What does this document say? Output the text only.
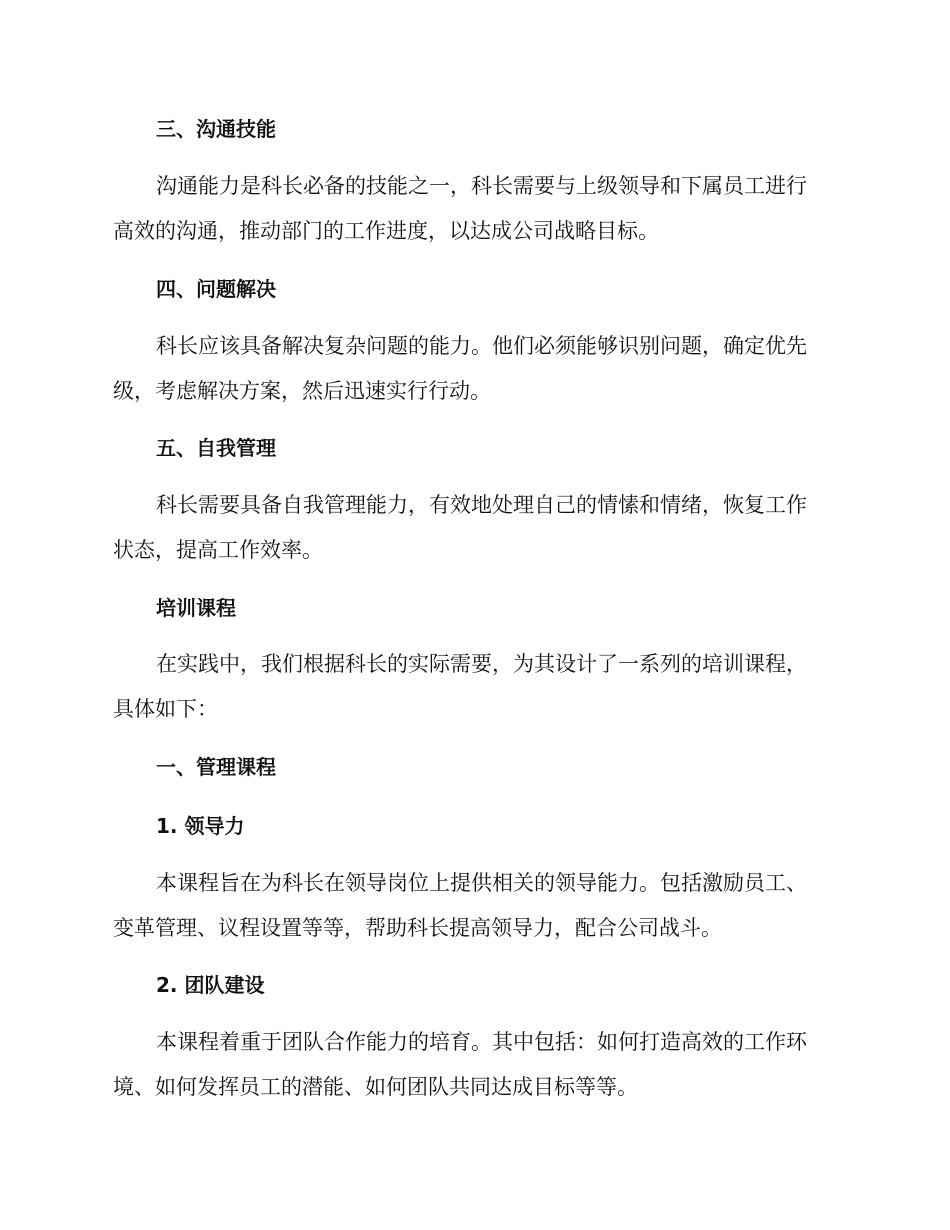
三、沟通技能
沟通能力是科长必备的技能之一，科长需要与上级领导和下属员工进行
高效的沟通，推动部门的工作进度，以达成公司战略目标。
四、问题解决
科长应该具备解决复杂问题的能力。他们必须能够识别问题，确定优先
级，考虑解决方案，然后迅速实行行动。
五、自我管理
科长需要具备自我管理能力，有效地处理自己的情愫和情绪，恢复工作
状态，提高工作效率。
培训课程
在实践中，我们根据科长的实际需要，为其设计了一系列的培训课程，
具体如下：
一、管理课程
1. 领导力
本课程旨在为科长在领导岗位上提供相关的领导能力。包括激励员工、
变革管理、议程设置等等，帮助科长提高领导力，配合公司战斗。
2. 团队建设
本课程着重于团队合作能力的培育。其中包括：如何打造高效的工作环
境、如何发挥员工的潜能、如何团队共同达成目标等等。
